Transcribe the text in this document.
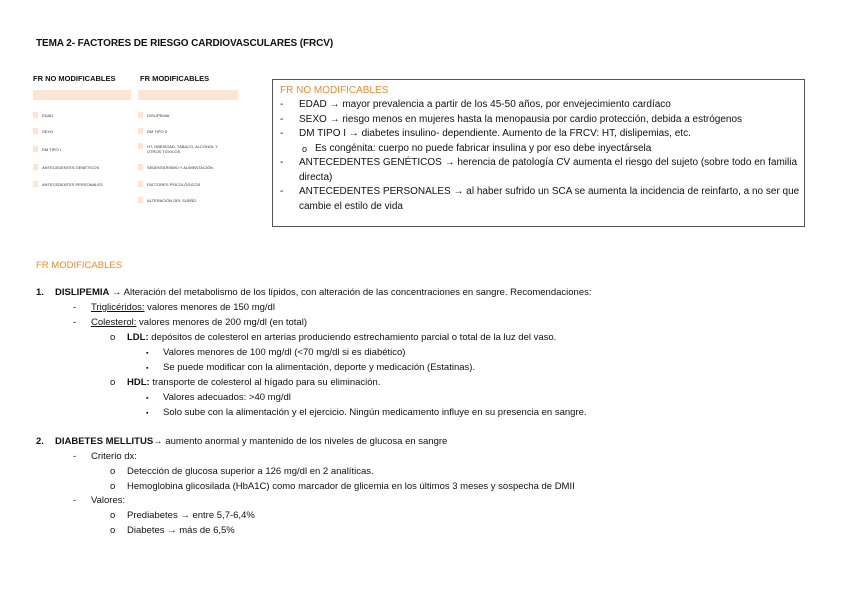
TEMA 2- FACTORES DE RIESGO CARDIOVASCULARES (FRCV)
FR NO MODIFICABLES	FR MODIFICABLES
EDAD
SEXO
DM TIPO I
ANTECEDENTES GENÉTICOS
ANTECEDENTES PERSONALES
DISLIPEMIA
DM TIPO II
HT, OBESIDAD, TABACO, ALCOHOL Y OTROS TÓXICOS
SEDENTARISMO Y ALIMENTACIÓN
FACTORES PSICOLÓGICOS
ALTERACIÓN DEL SUEÑO
FR NO MODIFICABLES
- EDAD → mayor prevalencia a partir de los 45-50 años, por envejecimiento cardíaco
- SEXO → riesgo menos en mujeres hasta la menopausia por cardio protección, debida a estrógenos
- DM TIPO I → diabetes insulino- dependiente. Aumento de la FRCV: HT, dislipemias, etc.
o Es congénita: cuerpo no puede fabricar insulina y por eso debe inyectársela
- ANTECEDENTES GENÉTICOS → herencia de patología CV aumenta el riesgo del sujeto (sobre todo en familia directa)
- ANTECEDENTES PERSONALES → al haber sufrido un SCA se aumenta la incidencia de reinfarto, a no ser que cambie el estilo de vida
FR MODIFICABLES
1. DISLIPEMIA → Alteración del metabolismo de los lípidos, con alteración de las concentraciones en sangre. Recomendaciones:
- Triglicéridos: valores menores de 150 mg/dl
- Colesterol: valores menores de 200 mg/dl (en total)
o LDL: depósitos de colesterol en arterias produciendo estrechamiento parcial o total de la luz del vaso.
▪ Valores menores de 100 mg/dl (<70 mg/dl si es diabético)
▪ Se puede modificar con la alimentación, deporte y medicación (Estatinas).
o HDL: transporte de colesterol al hígado para su eliminación.
▪ Valores adecuados: >40 mg/dl
▪ Solo sube con la alimentación y el ejercicio. Ningún medicamento influye en su presencia en sangre.
2. DIABETES MELLITUS→ aumento anormal y mantenido de los niveles de glucosa en sangre
- Criterio dx:
o Detección de glucosa superior a 126 mg/dl en 2 analíticas.
o Hemoglobina glicosilada (HbA1C) como marcador de glicemia en los últimos 3 meses y sospecha de DMII
- Valores:
o Prediabetes → entre 5,7-6,4%
o Diabetes → más de 6,5%
